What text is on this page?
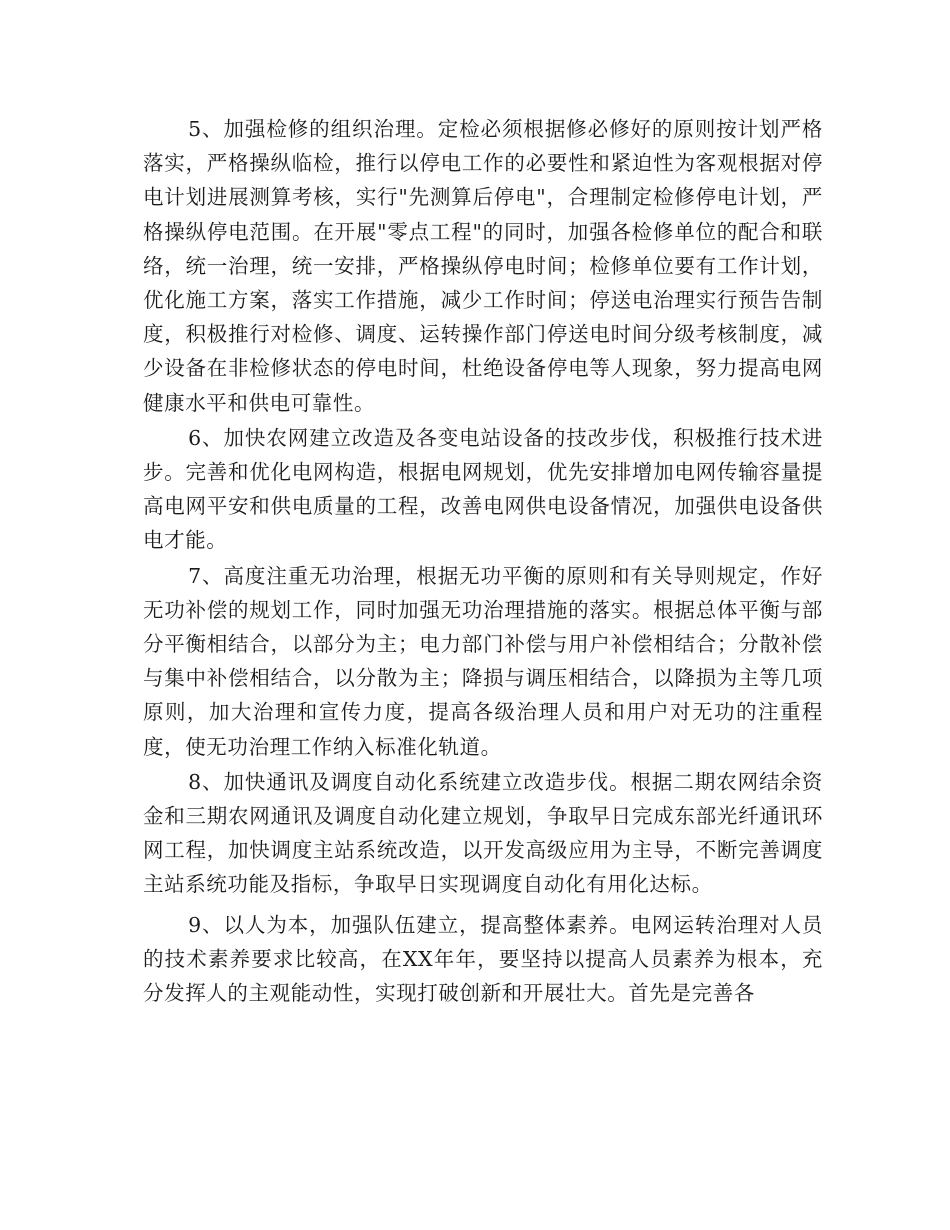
5、加强检修的组织治理。定检必须根据修必修好的原则按计划严格落实，严格操纵临检，推行以停电工作的必要性和紧迫性为客观根据对停电计划进展测算考核，实行"先测算后停电"，合理制定检修停电计划，严格操纵停电范围。在开展"零点工程"的同时，加强各检修单位的配合和联络，统一治理，统一安排，严格操纵停电时间；检修单位要有工作计划，优化施工方案，落实工作措施，减少工作时间；停送电治理实行预告告制度，积极推行对检修、调度、运转操作部门停送电时间分级考核制度，减少设备在非检修状态的停电时间，杜绝设备停电等人现象，努力提高电网健康水平和供电可靠性。

6、加快农网建立改造及各变电站设备的技改步伐，积极推行技术进步。完善和优化电网构造，根据电网规划，优先安排增加电网传输容量提高电网平安和供电质量的工程，改善电网供电设备情况，加强供电设备供电才能。

7、高度注重无功治理，根据无功平衡的原则和有关导则规定，作好无功补偿的规划工作，同时加强无功治理措施的落实。根据总体平衡与部分平衡相结合，以部分为主；电力部门补偿与用户补偿相结合；分散补偿与集中补偿相结合，以分散为主；降损与调压相结合，以降损为主等几项原则，加大治理和宣传力度，提高各级治理人员和用户对无功的注重程度，使无功治理工作纳入标准化轨道。

8、加快通讯及调度自动化系统建立改造步伐。根据二期农网结余资金和三期农网通讯及调度自动化建立规划，争取早日完成东部光纤通讯环网工程，加快调度主站系统改造，以开发高级应用为主导，不断完善调度主站系统功能及指标，争取早日实现调度自动化有用化达标。

9、以人为本，加强队伍建立，提高整体素养。电网运转治理对人员的技术素养要求比较高，在XX年年，要坚持以提高人员素养为根本，充分发挥人的主观能动性，实现打破创新和开展壮大。首先是完善各
